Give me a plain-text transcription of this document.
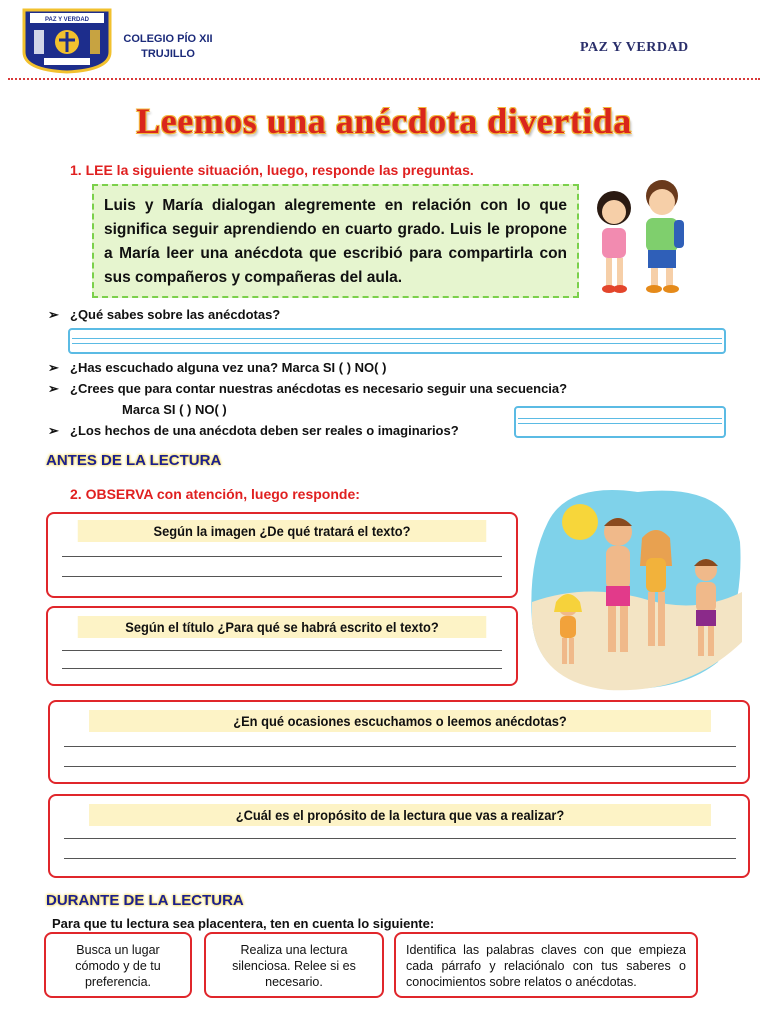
PAZ Y VERDAD
COLEGIO PÍO XII
TRUJILLO	PAZ Y VERDAD
Leemos una anécdota divertida
1. LEE la siguiente situación, luego, responde las preguntas.
Luis y María dialogan alegremente en relación con lo que significa seguir aprendiendo en cuarto grado. Luis le propone a María leer una anécdota que escribió para compartirla con sus compañeros y compañeras del aula.
➢ ¿Qué sabes sobre las anécdotas?
➢ ¿Has escuchado alguna vez una? Marca SI ( ) NO( )
➢ ¿Crees que para contar nuestras anécdotas es necesario seguir una secuencia?
Marca SI ( ) NO( )
➢ ¿Los hechos de una anécdota deben ser reales o imaginarios?
ANTES DE LA LECTURA
2. OBSERVA con atención, luego responde:
Según la imagen ¿De qué tratará el texto?
Según el título ¿Para qué se habrá escrito el texto?
¿En qué ocasiones escuchamos o leemos anécdotas?
¿Cuál es el propósito de la lectura que vas a realizar?
DURANTE DE LA LECTURA
Para que tu lectura sea placentera, ten en cuenta lo siguiente:
Busca un lugar cómodo y de tu preferencia.
Realiza una lectura silenciosa. Relee si es necesario.
Identifica las palabras claves con que empieza cada párrafo y relaciónalo con tus saberes o conocimientos sobre relatos o anécdotas.
